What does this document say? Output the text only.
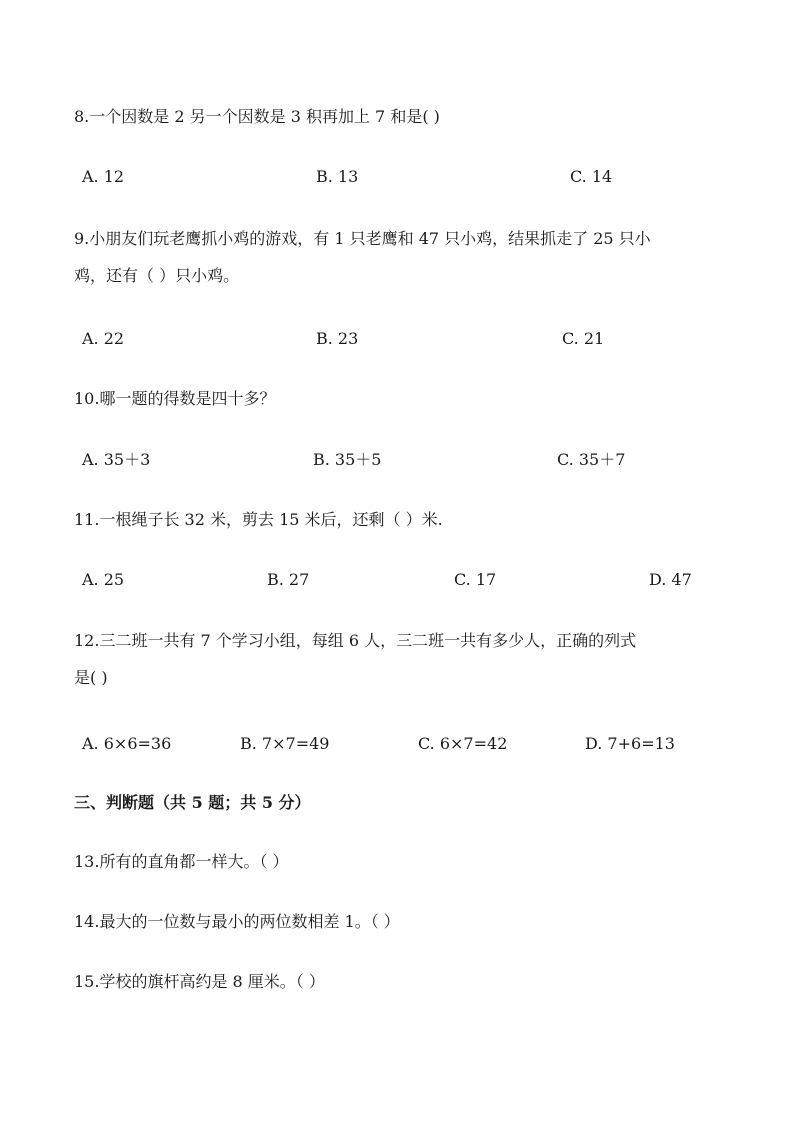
8.一个因数是 2 另一个因数是 3 积再加上 7 和是( )
A. 12	B. 13	C. 14
9.小朋友们玩老鹰抓小鸡的游戏，有 1 只老鹰和 47 只小鸡，结果抓走了 25 只小
鸡，还有（ ）只小鸡。
A. 22	B. 23	C. 21
10.哪一题的得数是四十多？
A. 35＋3	B. 35＋5	C. 35＋7
11.一根绳子长 32 米，剪去 15 米后，还剩（ ）米.
A. 25	B. 27	C. 17	D. 47
12.三二班一共有 7 个学习小组，每组 6 人，三二班一共有多少人，正确的列式
是( )
A. 6×6=36	B. 7×7=49	C. 6×7=42	D. 7+6=13
三、判断题（共 5 题；共 5 分）
13.所有的直角都一样大。（ ）
14.最大的一位数与最小的两位数相差 1。（ ）
15.学校的旗杆高约是 8 厘米。（ ）
